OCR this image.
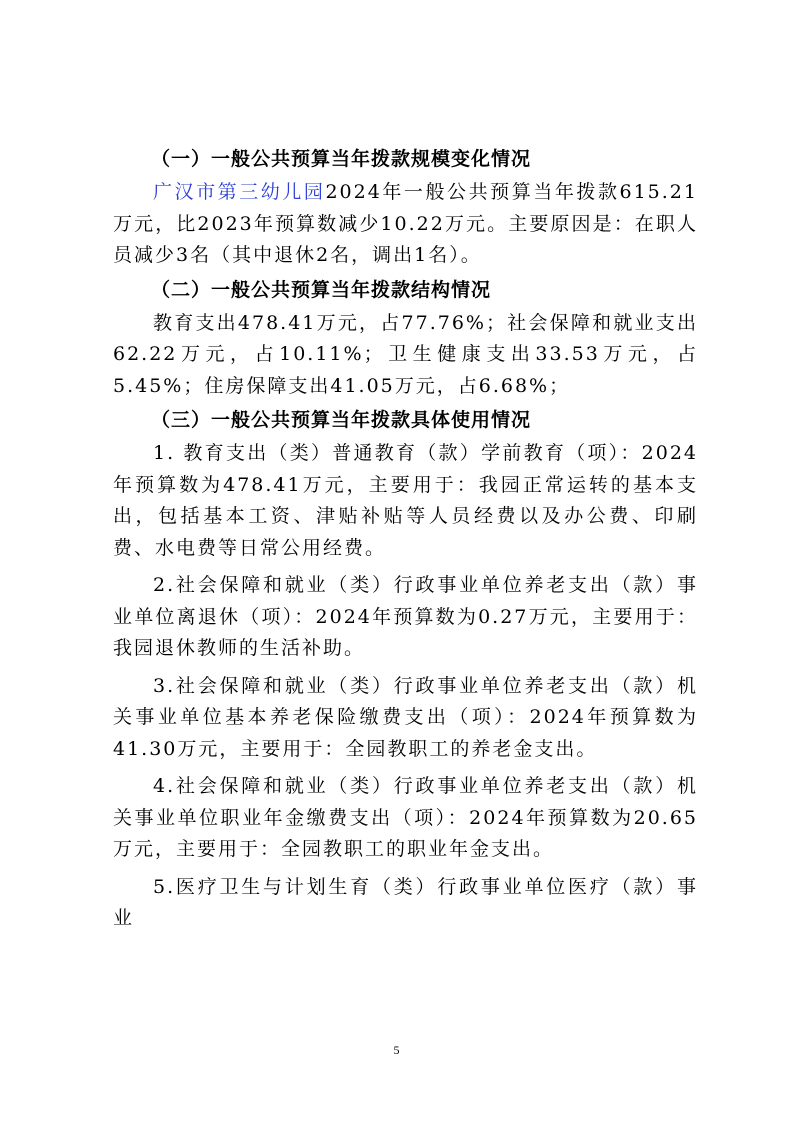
（一）一般公共预算当年拨款规模变化情况

广汉市第三幼儿园2024年一般公共预算当年拨款615.21万元，比2023年预算数减少10.22万元。主要原因是：在职人员减少3名（其中退休2名，调出1名）。

（二）一般公共预算当年拨款结构情况

教育支出478.41万元，占77.76%；社会保障和就业支出62.22万元，占10.11%；卫生健康支出33.53万元，占5.45%；住房保障支出41.05万元，占6.68%；

（三）一般公共预算当年拨款具体使用情况

1. 教育支出（类）普通教育（款）学前教育（项）：2024年预算数为478.41万元，主要用于：我园正常运转的基本支出，包括基本工资、津贴补贴等人员经费以及办公费、印刷费、水电费等日常公用经费。

2.社会保障和就业（类）行政事业单位养老支出（款）事业单位离退休（项）：2024年预算数为0.27万元，主要用于：我园退休教师的生活补助。

3.社会保障和就业（类）行政事业单位养老支出（款）机关事业单位基本养老保险缴费支出（项）：2024年预算数为41.30万元，主要用于：全园教职工的养老金支出。

4.社会保障和就业（类）行政事业单位养老支出（款）机关事业单位职业年金缴费支出（项）：2024年预算数为20.65万元，主要用于：全园教职工的职业年金支出。

5.医疗卫生与计划生育（类）行政事业单位医疗（款）事业

5
